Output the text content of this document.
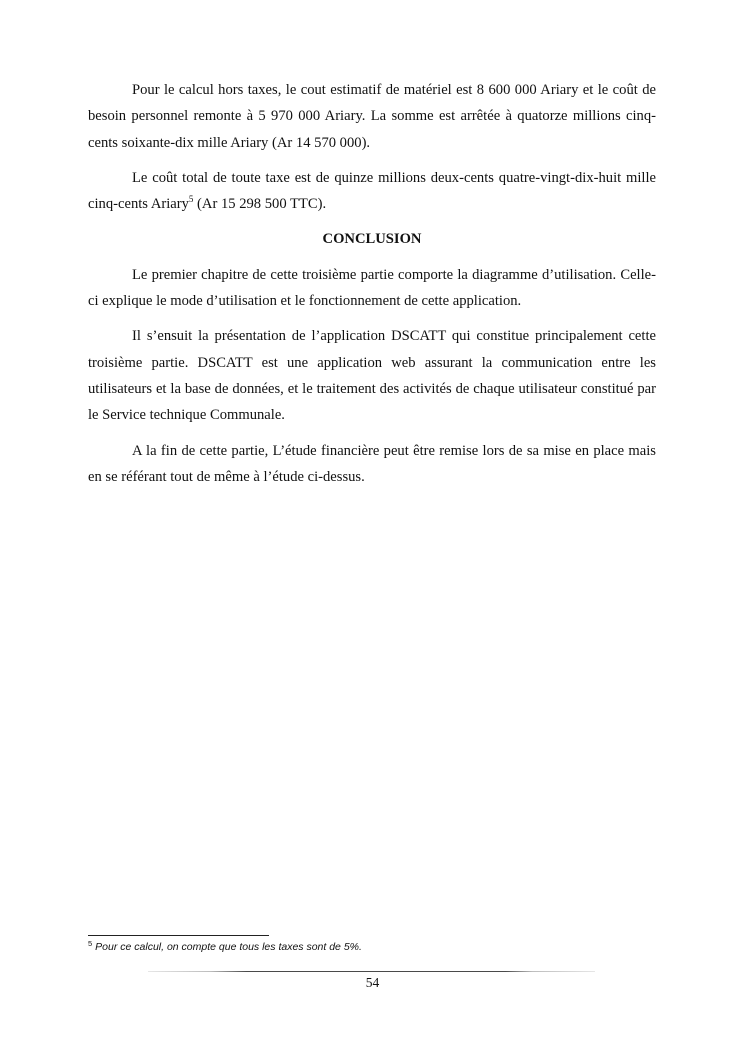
Pour le calcul hors taxes, le cout estimatif de matériel est 8 600 000 Ariary et le coût de besoin personnel remonte à 5 970 000 Ariary. La somme est arrêtée à quatorze millions cinq-cents soixante-dix mille Ariary (Ar 14 570 000).

Le coût total de toute taxe est de quinze millions deux-cents quatre-vingt-dix-huit mille cinq-cents Ariary$^5$ (Ar 15 298 500 TTC).

CONCLUSION

Le premier chapitre de cette troisième partie comporte la diagramme d’utilisation. Celle-ci explique le mode d’utilisation et le fonctionnement de cette application.

Il s’ensuit la présentation de l’application DSCATT qui constitue principalement cette troisième partie. DSCATT est une application web assurant la communication entre les utilisateurs et la base de données, et le traitement des activités de chaque utilisateur constitué par le Service technique Communale.

A la fin de cette partie, L’étude financière peut être remise lors de sa mise en place mais en se référant tout de même à l’étude ci-dessus.

$^5$ Pour ce calcul, on compte que tous les taxes sont de 5%.
54
